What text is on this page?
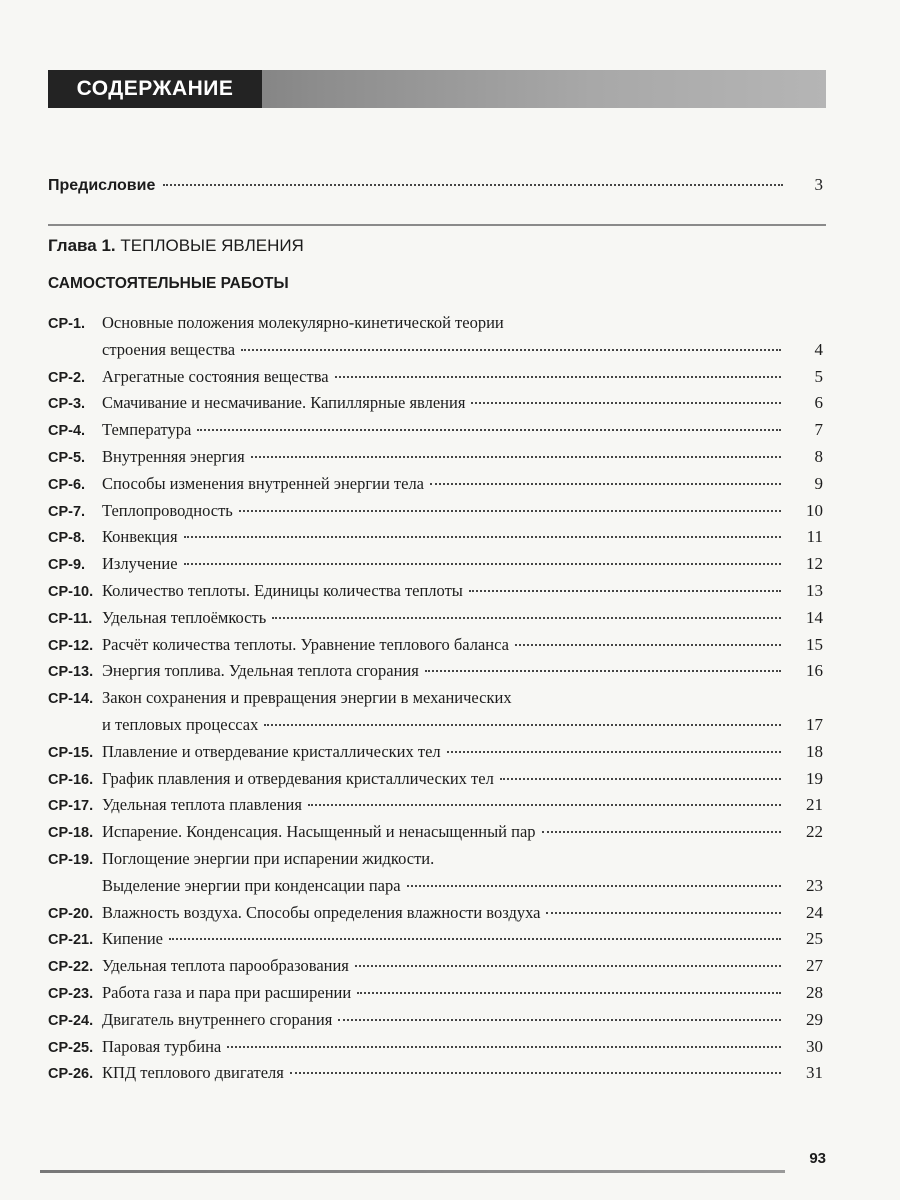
СОДЕРЖАНИЕ
Предисловие	3
Глава 1. ТЕПЛОВЫЕ ЯВЛЕНИЯ
САМОСТОЯТЕЛЬНЫЕ РАБОТЫ
СР-1.	Основные положения молекулярно-кинетической теории
строения вещества	4
СР-2.	Агрегатные состояния вещества	5
СР-3.	Смачивание и несмачивание. Капиллярные явления	6
СР-4.	Температура	7
СР-5.	Внутренняя энергия	8
СР-6.	Способы изменения внутренней энергии тела	9
СР-7.	Теплопроводность	10
СР-8.	Конвекция	11
СР-9.	Излучение	12
СР-10. Количество теплоты. Единицы количества теплоты	13
СР-11. Удельная теплоёмкость	14
СР-12. Расчёт количества теплоты. Уравнение теплового баланса	15
СР-13. Энергия топлива. Удельная теплота сгорания	16
СР-14. Закон сохранения и превращения энергии в механических
и тепловых процессах	17
СР-15. Плавление и отвердевание кристаллических тел	18
СР-16. График плавления и отвердевания кристаллических тел	19
СР-17. Удельная теплота плавления	21
СР-18. Испарение. Конденсация. Насыщенный и ненасыщенный пар	22
СР-19. Поглощение энергии при испарении жидкости.
Выделение энергии при конденсации пара	23
СР-20. Влажность воздуха. Способы определения влажности воздуха	24
СР-21. Кипение	25
СР-22. Удельная теплота парообразования	27
СР-23. Работа газа и пара при расширении	28
СР-24. Двигатель внутреннего сгорания	29
СР-25. Паровая турбина	30
СР-26. КПД теплового двигателя	31
93
